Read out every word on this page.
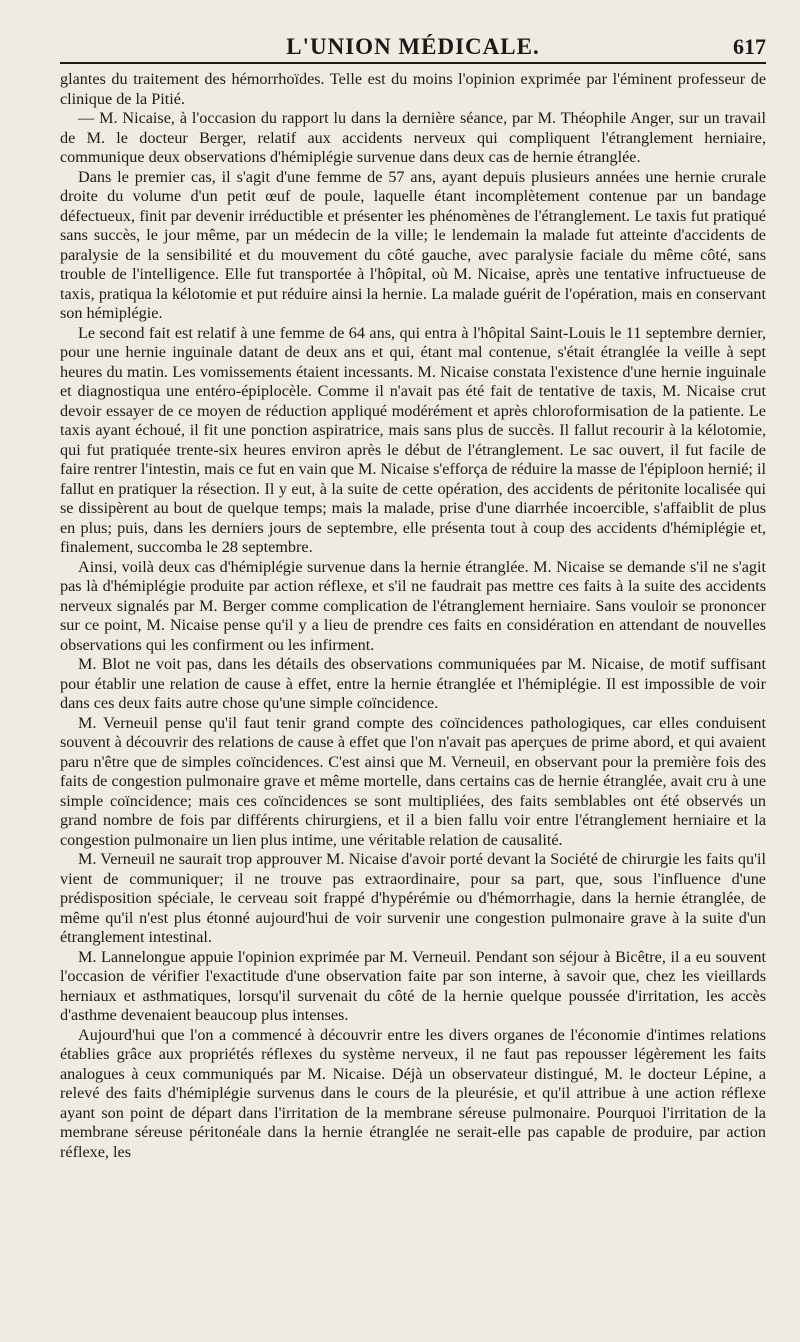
L'UNION MÉDICALE.	617

glantes du traitement des hémorrhoïdes. Telle est du moins l'opinion exprimée par l'éminent professeur de clinique de la Pitié.

— M. Nicaise, à l'occasion du rapport lu dans la dernière séance, par M. Théophile Anger, sur un travail de M. le docteur Berger, relatif aux accidents nerveux qui compliquent l'étranglement herniaire, communique deux observations d'hémiplégie survenue dans deux cas de hernie étranglée.

Dans le premier cas, il s'agit d'une femme de 57 ans, ayant depuis plusieurs années une hernie crurale droite du volume d'un petit œuf de poule, laquelle étant incomplètement contenue par un bandage défectueux, finit par devenir irréductible et présenter les phénomènes de l'étranglement. Le taxis fut pratiqué sans succès, le jour même, par un médecin de la ville; le lendemain la malade fut atteinte d'accidents de paralysie de la sensibilité et du mouvement du côté gauche, avec paralysie faciale du même côté, sans trouble de l'intelligence. Elle fut transportée à l'hôpital, où M. Nicaise, après une tentative infructueuse de taxis, pratiqua la kélotomie et put réduire ainsi la hernie. La malade guérit de l'opération, mais en conservant son hémiplégie.

Le second fait est relatif à une femme de 64 ans, qui entra à l'hôpital Saint-Louis le 11 septembre dernier, pour une hernie inguinale datant de deux ans et qui, étant mal contenue, s'était étranglée la veille à sept heures du matin. Les vomissements étaient incessants. M. Nicaise constata l'existence d'une hernie inguinale et diagnostiqua une entéro-épiplocèle. Comme il n'avait pas été fait de tentative de taxis, M. Nicaise crut devoir essayer de ce moyen de réduction appliqué modérément et après chloroformisation de la patiente. Le taxis ayant échoué, il fit une ponction aspiratrice, mais sans plus de succès. Il fallut recourir à la kélotomie, qui fut pratiquée trente-six heures environ après le début de l'étranglement. Le sac ouvert, il fut facile de faire rentrer l'intestin, mais ce fut en vain que M. Nicaise s'efforça de réduire la masse de l'épiploon hernié; il fallut en pratiquer la résection. Il y eut, à la suite de cette opération, des accidents de péritonite localisée qui se dissipèrent au bout de quelque temps; mais la malade, prise d'une diarrhée incoercible, s'affaiblit de plus en plus; puis, dans les derniers jours de septembre, elle présenta tout à coup des accidents d'hémiplégie et, finalement, succomba le 28 septembre.

Ainsi, voilà deux cas d'hémiplégie survenue dans la hernie étranglée. M. Nicaise se demande s'il ne s'agit pas là d'hémiplégie produite par action réflexe, et s'il ne faudrait pas mettre ces faits à la suite des accidents nerveux signalés par M. Berger comme complication de l'étranglement herniaire. Sans vouloir se prononcer sur ce point, M. Nicaise pense qu'il y a lieu de prendre ces faits en considération en attendant de nouvelles observations qui les confirment ou les infirment.

M. Blot ne voit pas, dans les détails des observations communiquées par M. Nicaise, de motif suffisant pour établir une relation de cause à effet, entre la hernie étranglée et l'hémiplégie. Il est impossible de voir dans ces deux faits autre chose qu'une simple coïncidence.

M. Verneuil pense qu'il faut tenir grand compte des coïncidences pathologiques, car elles conduisent souvent à découvrir des relations de cause à effet que l'on n'avait pas aperçues de prime abord, et qui avaient paru n'être que de simples coïncidences. C'est ainsi que M. Verneuil, en observant pour la première fois des faits de congestion pulmonaire grave et même mortelle, dans certains cas de hernie étranglée, avait cru à une simple coïncidence; mais ces coïncidences se sont multipliées, des faits semblables ont été observés un grand nombre de fois par différents chirurgiens, et il a bien fallu voir entre l'étranglement herniaire et la congestion pulmonaire un lien plus intime, une véritable relation de causalité.

M. Verneuil ne saurait trop approuver M. Nicaise d'avoir porté devant la Société de chirurgie les faits qu'il vient de communiquer; il ne trouve pas extraordinaire, pour sa part, que, sous l'influence d'une prédisposition spéciale, le cerveau soit frappé d'hypérémie ou d'hémorrhagie, dans la hernie étranglée, de même qu'il n'est plus étonné aujourd'hui de voir survenir une congestion pulmonaire grave à la suite d'un étranglement intestinal.

M. Lannelongue appuie l'opinion exprimée par M. Verneuil. Pendant son séjour à Bicêtre, il a eu souvent l'occasion de vérifier l'exactitude d'une observation faite par son interne, à savoir que, chez les vieillards herniaux et asthmatiques, lorsqu'il survenait du côté de la hernie quelque poussée d'irritation, les accès d'asthme devenaient beaucoup plus intenses.

Aujourd'hui que l'on a commencé à découvrir entre les divers organes de l'économie d'intimes relations établies grâce aux propriétés réflexes du système nerveux, il ne faut pas repousser légèrement les faits analogues à ceux communiqués par M. Nicaise. Déjà un observateur distingué, M. le docteur Lépine, a relevé des faits d'hémiplégie survenus dans le cours de la pleurésie, et qu'il attribue à une action réflexe ayant son point de départ dans l'irritation de la membrane séreuse pulmonaire. Pourquoi l'irritation de la membrane séreuse péritonéale dans la hernie étranglée ne serait-elle pas capable de produire, par action réflexe, les
